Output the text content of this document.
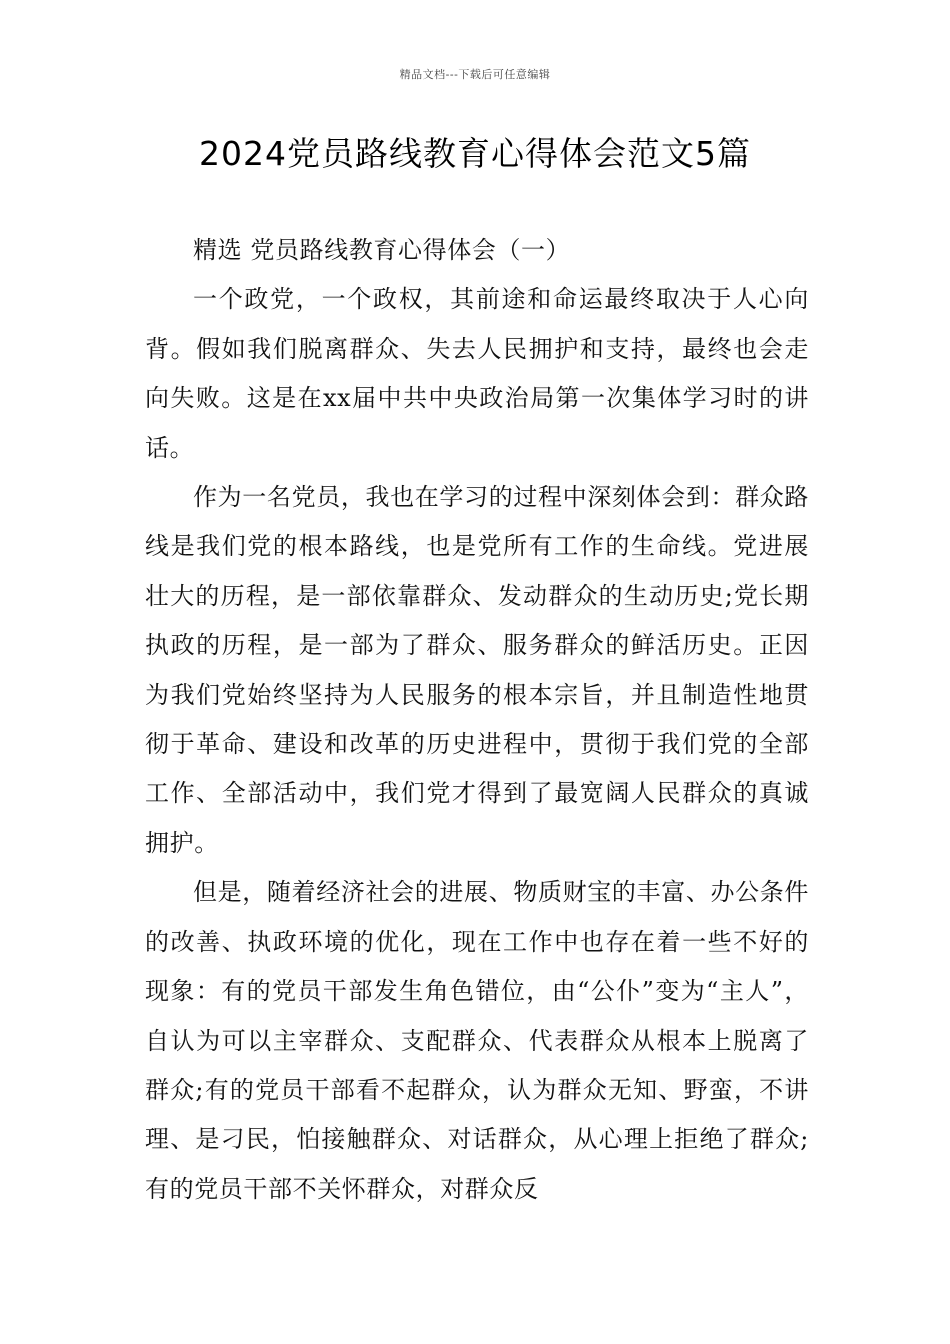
精品文档---下载后可任意编辑
2024党员路线教育心得体会范文5篇

精选 党员路线教育心得体会（一）

一个政党，一个政权，其前途和命运最终取决于人心向背。假如我们脱离群众、失去人民拥护和支持，最终也会走向失败。这是在xx届中共中央政治局第一次集体学习时的讲话。

作为一名党员，我也在学习的过程中深刻体会到：群众路线是我们党的根本路线，也是党所有工作的生命线。党进展壮大的历程，是一部依靠群众、发动群众的生动历史;党长期执政的历程，是一部为了群众、服务群众的鲜活历史。正因为我们党始终坚持为人民服务的根本宗旨，并且制造性地贯彻于革命、建设和改革的历史进程中，贯彻于我们党的全部工作、全部活动中，我们党才得到了最宽阔人民群众的真诚拥护。

但是，随着经济社会的进展、物质财宝的丰富、办公条件的改善、执政环境的优化，现在工作中也存在着一些不好的现象：有的党员干部发生角色错位，由“公仆”变为“主人”，自认为可以主宰群众、支配群众、代表群众从根本上脱离了群众;有的党员干部看不起群众，认为群众无知、野蛮，不讲理、是刁民，怕接触群众、对话群众，从心理上拒绝了群众;有的党员干部不关怀群众，对群众反
